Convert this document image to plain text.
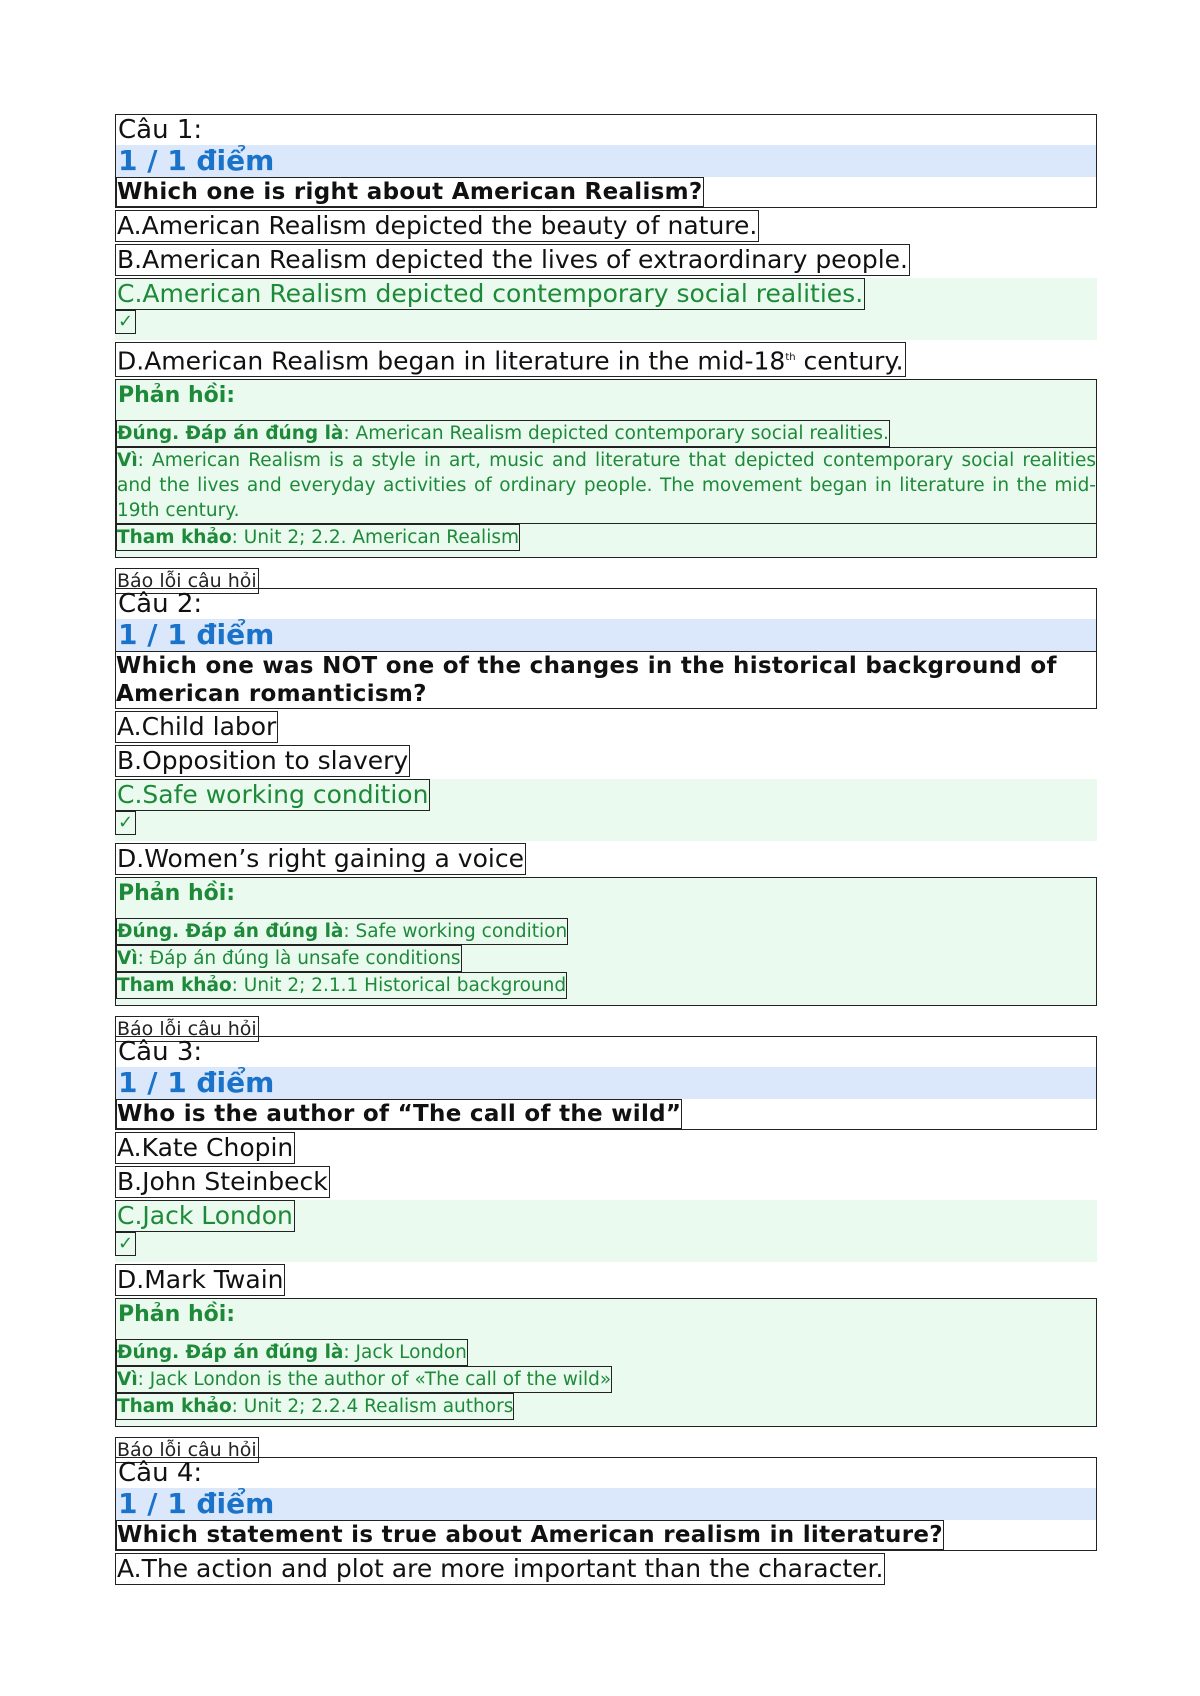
Câu 1:
1 / 1 điểm
Which one is right about American Realism?
A.American Realism depicted the beauty of nature.
B.American Realism depicted the lives of extraordinary people.
C.American Realism depicted contemporary social realities.
✓
D.American Realism began in literature in the mid-18th century.
Phản hồi:
Đúng. Đáp án đúng là: American Realism depicted contemporary social realities.
Vì: American Realism is a style in art, music and literature that depicted contemporary social realities and the lives and everyday activities of ordinary people. The movement began in literature in the mid-19th century.
Tham khảo: Unit 2; 2.2. American Realism
Báo lỗi câu hỏi
Câu 2:
1 / 1 điểm
Which one was NOT one of the changes in the historical background of American romanticism?
A.Child labor
B.Opposition to slavery
C.Safe working condition
✓
D.Women’s right gaining a voice
Phản hồi:
Đúng. Đáp án đúng là: Safe working condition
Vì: Đáp án đúng là unsafe conditions
Tham khảo: Unit 2; 2.1.1 Historical background
Báo lỗi câu hỏi
Câu 3:
1 / 1 điểm
Who is the author of “The call of the wild”
A.Kate Chopin
B.John Steinbeck
C.Jack London
✓
D.Mark Twain
Phản hồi:
Đúng. Đáp án đúng là: Jack London
Vì: Jack London is the author of «The call of the wild»
Tham khảo: Unit 2; 2.2.4 Realism authors
Báo lỗi câu hỏi
Câu 4:
1 / 1 điểm
Which statement is true about American realism in literature?
A.The action and plot are more important than the character.
